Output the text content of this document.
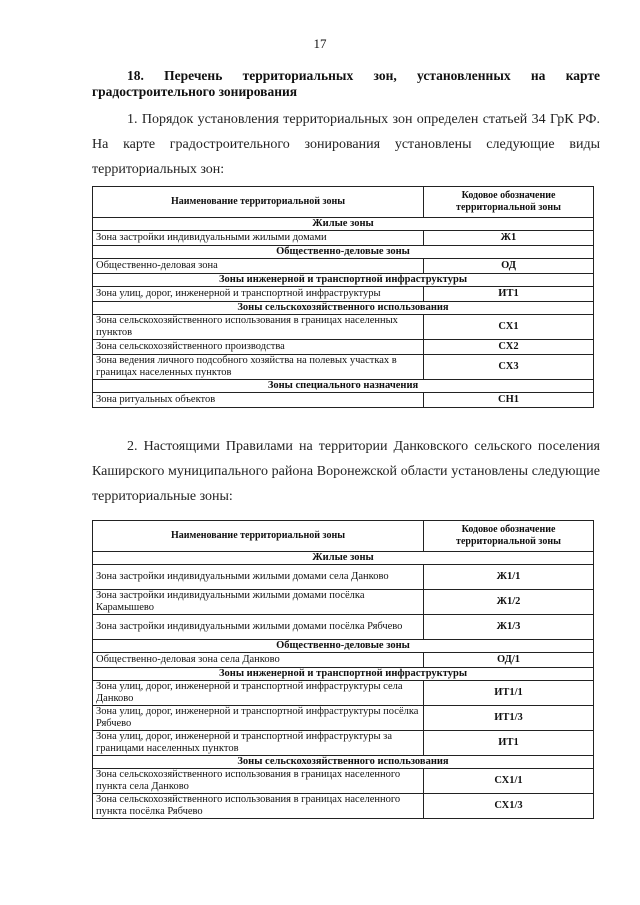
17
18. Перечень территориальных зон, установленных на карте градостроительного зонирования
1. Порядок установления территориальных зон определен статьей 34 ГрК РФ. На карте градостроительного зонирования установлены следующие виды территориальных зон:
Наименование территориальной зоны	Кодовое обозначение территориальной зоны
Жилые зоны	
Зона застройки индивидуальными жилыми домами	Ж1
Общественно-деловые зоны	
Общественно-деловая зона	ОД
Зоны инженерной и транспортной инфраструктуры	
Зона улиц, дорог, инженерной и транспортной инфраструктуры	ИТ1
Зоны сельскохозяйственного использования	
Зона сельскохозяйственного использования в границах населенных пунктов	СХ1
Зона сельскохозяйственного производства	СХ2
Зона ведения личного подсобного хозяйства на полевых участках в границах населенных пунктов	СХ3
Зоны специального назначения	
Зона ритуальных объектов	СН1
2. Настоящими Правилами на территории Данковского сельского поселения Каширского муниципального района Воронежской области установлены следующие территориальные зоны:
Наименование территориальной зоны	Кодовое обозначение территориальной зоны
Жилые зоны	
Зона застройки индивидуальными жилыми домами села Данково	Ж1/1
Зона застройки индивидуальными жилыми домами посёлка Карамышево	Ж1/2
Зона застройки индивидуальными жилыми домами посёлка Рябчево	Ж1/3
Общественно-деловые зоны	
Общественно-деловая зона села Данково	ОД/1
Зоны инженерной и транспортной инфраструктуры	
Зона улиц, дорог, инженерной и транспортной инфраструктуры села Данково	ИТ1/1
Зона улиц, дорог, инженерной и транспортной инфраструктуры посёлка Рябчево	ИТ1/3
Зона улиц, дорог, инженерной и транспортной инфраструктуры за границами населенных пунктов	ИТ1
Зоны сельскохозяйственного использования	
Зона сельскохозяйственного использования в границах населенного пункта села Данково	СХ1/1
Зона сельскохозяйственного использования в границах населенного пункта посёлка Рябчево	СХ1/3
